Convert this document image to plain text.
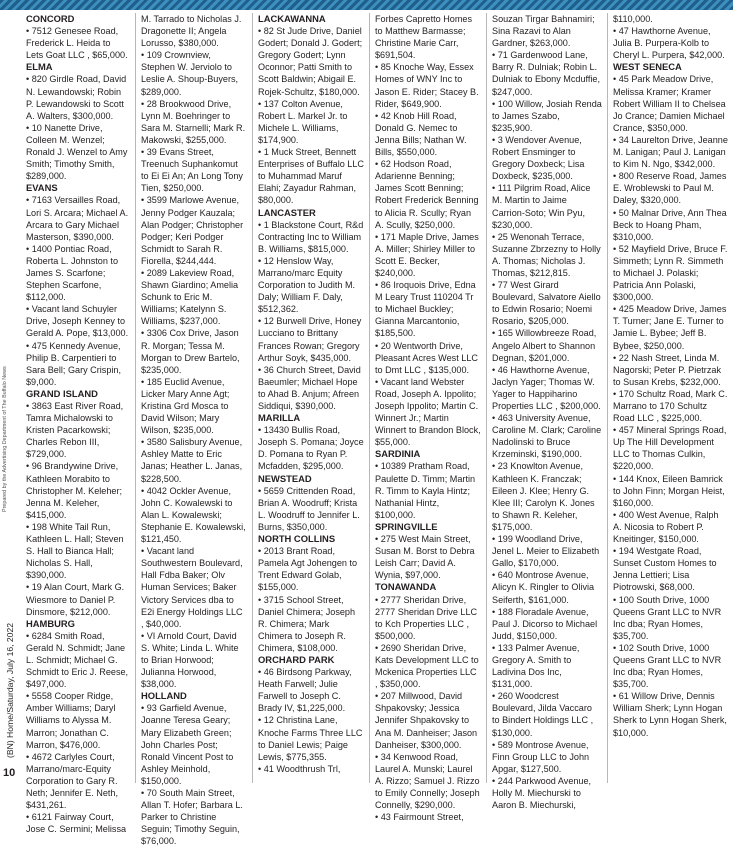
(BN) Home/Saturday, July 16, 2022
Prepared by the Advertising Department of The Buffalo News
10
CONCORD
• 7512 Genesee Road, Frederick L. Heida to Lets Goat LLC , $65,000.
ELMA
• 820 Girdle Road, David N. Lewandowski; Robin P. Lewandowski to Scott A. Walters, $300,000.
• 10 Nanette Drive, Colleen M. Wenzel; Ronald J. Wenzel to Amy Smith; Timothy Smith, $289,000.
EVANS
• 7163 Versailles Road, Lori S. Arcara; Michael A. Arcara to Gary Michael Masterson, $390,000.
• 1400 Pontiac Road, Roberta L. Johnston to James S. Scarfone; Stephen Scarfone, $112,000.
• Vacant land Schuyler Drive, Joseph Kenney to Gerald A. Pope, $13,000.
• 475 Kennedy Avenue, Philip B. Carpentieri to Sara Bell; Gary Crispin, $9,000.
GRAND ISLAND
• 3863 East River Road, Tamra Michalowski to Kristen Pacarkowski; Charles Rebon III, $729,000.
• 96 Brandywine Drive, Kathleen Morabito to Christopher M. Keleher; Jenna M. Keleher, $415,000.
• 198 White Tail Run, Kathleen L. Hall; Steven S. Hall to Bianca Hall; Nicholas S. Hall, $390,000.
• 19 Alan Court, Mark G. Wiesmore to Daniel P. Dinsmore, $212,000.
HAMBURG
• 6284 Smith Road, Gerald N. Schmidt; Jane L. Schmidt; Michael G. Schmidt to Eric J. Reese, $497,000.
• 5558 Cooper Ridge, Amber Williams; Daryl Williams to Alyssa M. Marron; Jonathan C. Marron, $476,000.
• 4672 Carlyles Court, Marrano/marc-Equity Corporation to Gary R. Neth; Jennifer E. Neth, $431,261.
• 6121 Fairway Court, Jose C. Sermini; Melissa
M. Tarrado to Nicholas J. Dragonette II; Angela Lorusso, $380,000.
• 109 Crownview, Stephen W. Jerviolo to Leslie A. Shoup-Buyers, $289,000.
• 28 Brookwood Drive, Lynn M. Boehringer to Sara M. Starnelli; Mark R. Makowski, $255,000.
• 39 Evans Street, Treenuch Suphankomut to Ei Ei An; An Long Tony Tien, $250,000.
• 3599 Marlowe Avenue, Jenny Podger Kauzala; Alan Podger; Christopher Podger; Keri Podger Schmidt to Sarah R. Fiorella, $244,444.
• 2089 Lakeview Road, Shawn Giardino; Amelia Schunk to Eric M. Williams; Katelynn S. Williams, $237,000.
• 3306 Cox Drive, Jason R. Morgan; Tessa M. Morgan to Drew Bartelo, $235,000.
• 185 Euclid Avenue, Licker Mary Anne Agt; Kristina Grd Mosca to David Wilson; Mary Wilson, $235,000.
• 3580 Salisbury Avenue, Ashley Matte to Eric Janas; Heather L. Janas, $228,500.
• 4042 Ockler Avenue, John C. Kowalewski to Alan L. Kowalewski; Stephanie E. Kowalewski, $121,450.
• Vacant land Southwestern Boulevard, Hall Fdba Baker; Olv Human Services; Baker Victory Services dba to E2i Energy Holdings LLC , $40,000.
• VI Arnold Court, David S. White; Linda L. White to Brian Horwood; Julianna Horwood, $38,000.
HOLLAND
• 93 Garfield Avenue, Joanne Teresa Geary; Mary Elizabeth Green; John Charles Post; Ronald Vincent Post to Ashley Meinhold, $150,000.
• 70 South Main Street, Allan T. Hofer; Barbara L. Parker to Christine Seguin; Timothy Seguin, $76,000.
LACKAWANNA
• 82 St Jude Drive, Daniel Godert; Donald J. Godert; Gregory Godert; Lynn Oconnor; Patti Smith to Scott Baldwin; Abigail E. Rojek-Schultz, $180,000.
• 137 Colton Avenue, Robert L. Markel Jr. to Michele L. Williams, $174,900.
• 1 Muck Street, Bennett Enterprises of Buffalo LLC to Muhammad Maruf Elahi; Zayadur Rahman, $80,000.
LANCASTER
• 1 Blackstone Court, R&d Contracting Inc to William B. Williams, $815,000.
• 12 Henslow Way, Marrano/marc Equity Corporation to Judith M. Daly; William F. Daly, $512,362.
• 12 Burwell Drive, Honey Lucciano to Brittany Frances Rowan; Gregory Arthur Soyk, $435,000.
• 36 Church Street, David Baeumler; Michael Hope to Ahad B. Anjum; Afreen Siddiqui, $390,000.
MARILLA
• 13430 Bullis Road, Joseph S. Pomana; Joyce D. Pomana to Ryan P. Mcfadden, $295,000.
NEWSTEAD
• 5659 Crittenden Road, Brian A. Woodruff; Krista L. Woodruff to Jennifer L. Burns, $350,000.
NORTH COLLINS
• 2013 Brant Road, Pamela Agt Johengen to Trent Edward Golab, $155,000.
• 3715 School Street, Daniel Chimera; Joseph R. Chimera; Mark Chimera to Joseph R. Chimera, $108,000.
ORCHARD PARK
• 46 Birdsong Parkway, Heath Farwell; Julie Farwell to Joseph C. Brady IV, $1,225,000.
• 12 Christina Lane, Knoche Farms Three LLC to Daniel Lewis; Paige Lewis, $775,355.
• 41 Woodthrush Trl,
Forbes Capretto Homes to Matthew Barmasse; Christine Marie Carr, $691,504.
• 85 Knoche Way, Essex Homes of WNY Inc to Jason E. Rider; Stacey B. Rider, $649,900.
• 42 Knob Hill Road, Donald G. Nemec to Jenna Bills; Nathan W. Bills, $550,000.
• 62 Hodson Road, Adarienne Benning; James Scott Benning; Robert Frederick Benning to Alicia R. Scully; Ryan A. Scully, $250,000.
• 171 Maple Drive, James A. Miller; Shirley Miller to Scott E. Becker, $240,000.
• 86 Iroquois Drive, Edna M Leary Trust 110204 Tr to Michael Buckley; Gianna Marcantonio, $185,500.
• 20 Wentworth Drive, Pleasant Acres West LLC to Dmt LLC , $135,000.
• Vacant land Webster Road, Joseph A. Ippolito; Joseph Ippolito; Martin C. Winnert Jr.; Martin Winnert to Brandon Block, $55,000.
SARDINIA
• 10389 Pratham Road, Paulette D. Timm; Martin R. Timm to Kayla Hintz; Nathanial Hintz, $100,000.
SPRINGVILLE
• 275 West Main Street, Susan M. Borst to Debra Leish Carr; David A. Wynia, $97,000.
TONAWANDA
• 2777 Sheridan Drive, 2777 Sheridan Drive LLC to Kch Properties LLC , $500,000.
• 2690 Sheridan Drive, Kats Development LLC to Mckenica Properties LLC , $350,000.
• 207 Millwood, David Shpakovsky; Jessica Jennifer Shpakovsky to Ana M. Danheiser; Jason Danheiser, $300,000.
• 34 Kenwood Road, Laurel A. Munski; Laurel A. Rizzo; Samuel J. Rizzo to Emily Connelly; Joseph Connelly, $290,000.
• 43 Fairmount Street,
Souzan Tirgar Bahnamiri; Sina Razavi to Alan Gardner, $263,000.
• 71 Gardenwood Lane, Barry R. Dulniak; Robin L. Dulniak to Ebony Mcduffie, $247,000.
• 100 Willow, Josiah Renda to James Szabo, $235,900.
• 3 Wendover Avenue, Robert Ensminger to Gregory Doxbeck; Lisa Doxbeck, $235,000.
• 111 Pilgrim Road, Alice M. Martin to Jaime Carrion-Soto; Win Pyu, $230,000.
• 25 Wenonah Terrace, Suzanne Zbrzezny to Holly A. Thomas; Nicholas J. Thomas, $212,815.
• 77 West Girard Boulevard, Salvatore Aiello to Edwin Rosario; Noemi Rosario, $205,000.
• 165 Willowbreeze Road, Angelo Albert to Shannon Degnan, $201,000.
• 46 Hawthorne Avenue, Jaclyn Yager; Thomas W. Yager to Happiharino Properties LLC , $200,000.
• 463 University Avenue, Caroline M. Clark; Caroline Nadolinski to Bruce Krzeminski, $190,000.
• 23 Knowlton Avenue, Kathleen K. Franczak; Eileen J. Klee; Henry G. Klee III; Carolyn K. Jones to Shawn R. Keleher, $175,000.
• 199 Woodland Drive, Jenel L. Meier to Elizabeth Gallo, $170,000.
• 640 Montrose Avenue, Alicyn K. Ringler to Olivia Seiferth, $161,000.
• 188 Floradale Avenue, Paul J. Dicorso to Michael Judd, $150,000.
• 133 Palmer Avenue, Gregory A. Smith to Ladivina Dos Inc, $131,000.
• 260 Woodcrest Boulevard, Jilda Vaccaro to Bindert Holdings LLC , $130,000.
• 589 Montrose Avenue, Finn Group LLC to John Apgar, $127,500.
• 244 Parkwood Avenue, Holly M. Miechurski to Aaron B. Miechurski,
$110,000.
• 47 Hawthorne Avenue, Julia B. Purpera-Kolb to Cheryl L. Purpera, $42,000.
WEST SENECA
• 45 Park Meadow Drive, Melissa Kramer; Kramer Robert William II to Chelsea Jo Crance; Damien Michael Crance, $350,000.
• 34 Laurelton Drive, Jeanne M. Lanigan; Paul J. Lanigan to Kim N. Ngo, $342,000.
• 800 Reserve Road, James E. Wroblewski to Paul M. Daley, $320,000.
• 50 Malnar Drive, Ann Thea Beck to Hoang Pham, $310,000.
• 52 Mayfield Drive, Bruce F. Simmeth; Lynn R. Simmeth to Michael J. Polaski; Patricia Ann Polaski, $300,000.
• 425 Meadow Drive, James T. Turner; Jane E. Turner to Jamie L. Bybee; Jeff B. Bybee, $250,000.
• 22 Nash Street, Linda M. Nagorski; Peter P. Pietrzak to Susan Krebs, $232,000.
• 170 Schultz Road, Mark C. Marrano to 170 Schultz Road LLC , $225,000.
• 457 Mineral Springs Road, Up The Hill Development LLC to Thomas Culkin, $220,000.
• 144 Knox, Eileen Bamrick to John Finn; Morgan Heist, $160,000.
• 400 West Avenue, Ralph A. Nicosia to Robert P. Kneitinger, $150,000.
• 194 Westgate Road, Sunset Custom Homes to Jenna Lettieri; Lisa Piotrowski, $68,000.
• 100 South Drive, 1000 Queens Grant LLC to NVR Inc dba; Ryan Homes, $35,700.
• 102 South Drive, 1000 Queens Grant LLC to NVR Inc dba; Ryan Homes, $35,700.
• 61 Willow Drive, Dennis William Sherk; Lynn Hogan Sherk to Lynn Hogan Sherk, $10,000.
